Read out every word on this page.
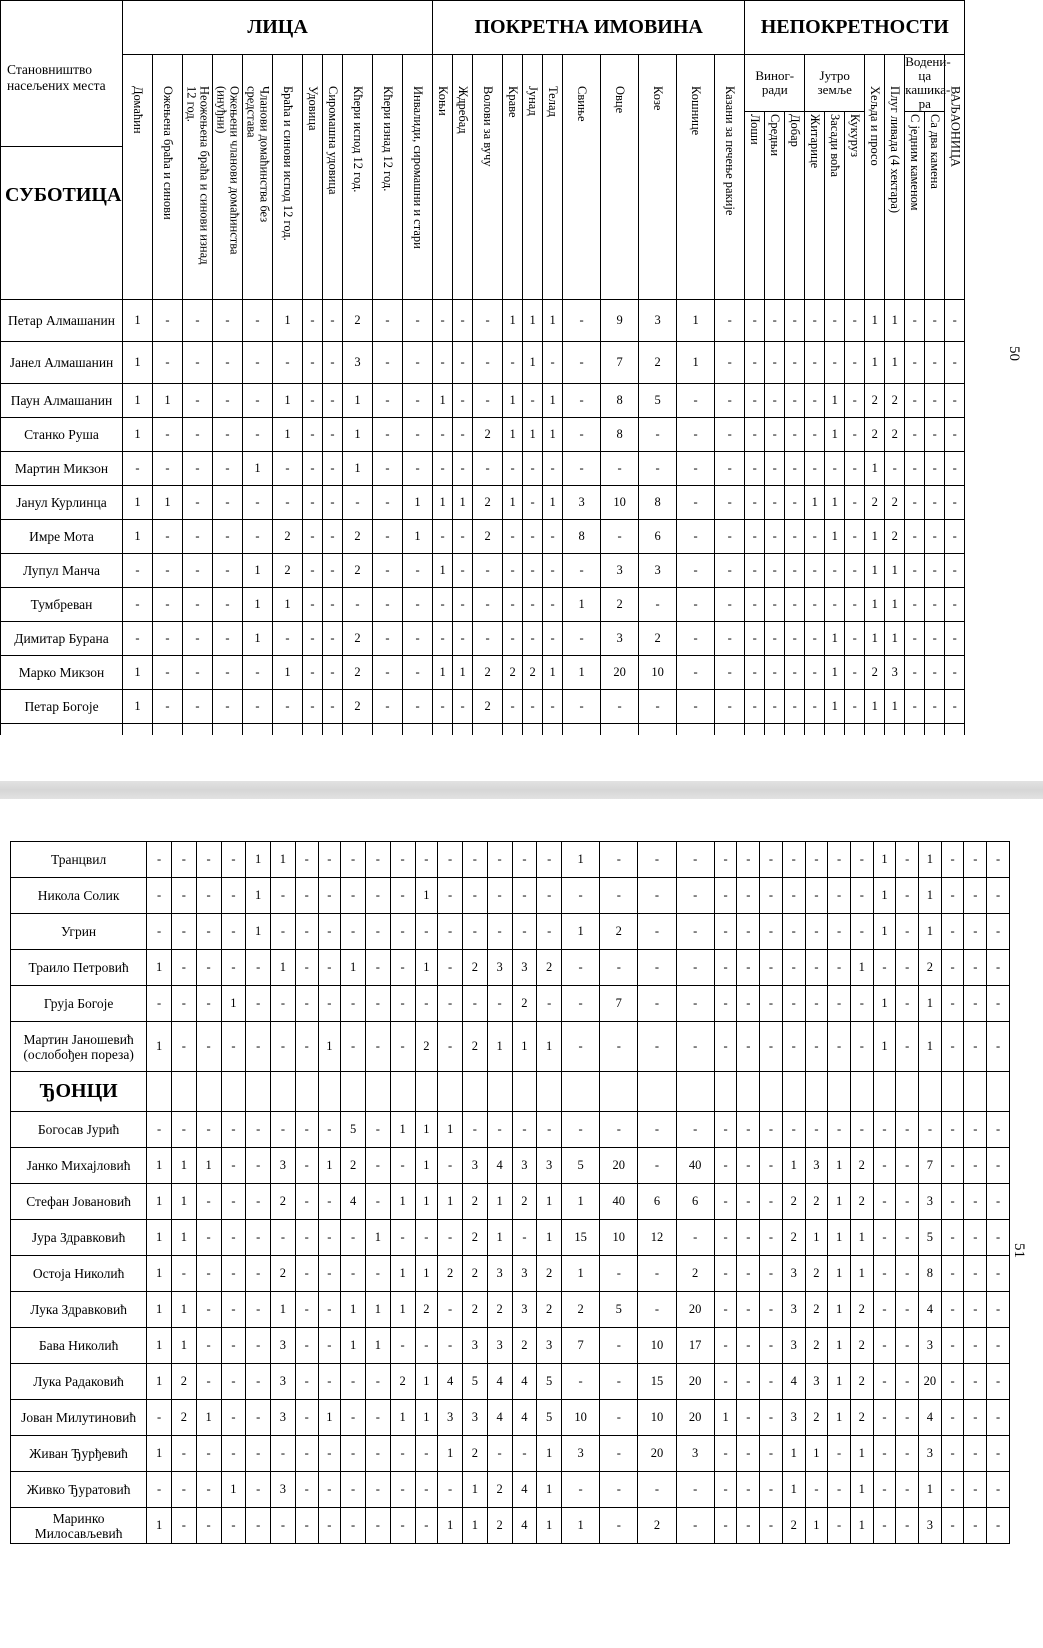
Становништво насељених места
СУБОТИЦА	ЛИЦА											ПОКРЕТНА ИМОВИНА											НЕПОКРЕТНОСТИ										

	Домаћин	Ожењена браћа и синови	Неожењена браћа и синови изнад 12 год.	Ожењени чланови домаћинства (инуђни)	Чланови домаћинства без средстава	Браћа и синови испод 12 год.	Удовица	Сиромашна удовица	Кћери испод 12 год.	Кћери изнад 12 год.	Инвалиди, сиромашни и стари	Коњи	Ждребад	Волови за вучу	Краве	Јунад	Телад	Свиње	Овце	Козе	Кошнице	Казани за печење ракије	Виног-ради			Јутро земље			Хељда и просо	Плуг ливада (4 хектара)	Водени-ца кашика-ра		ВАЉАОНИЦА

																							Лоши	Средњи	Добар	Житарице	Засади воћа	Кукуруз			С једним каменом	Са два камена	

Петар Алмашанин	1	-	-	-	-	1	-	-	2	-	-	-	-	-	1	1	1	-	9	3	1	-	-	-	-	-	-	-	1	1	-	-	-
Јанел Алмашанин	1	-	-	-	-	-	-	-	3	-	-	-	-	-	-	1	-	-	7	2	1	-	-	-	-	-	-	-	1	1	-	-	-
Паун Алмашанин	1	1	-	-	-	1	-	-	1	-	-	1	-	-	1	-	1	-	8	5	-	-	-	-	-	-	1	-	2	2	-	-	-
Станко Руша	1	-	-	-	-	1	-	-	1	-	-	-	-	2	1	1	1	-	8	-	-	-	-	-	-	-	1	-	2	2	-	-	-
Мартин Микзон	-	-	-	-	1	-	-	-	1	-	-	-	-	-	-	-	-	-	-	-	-	-	-	-	-	-	-	-	1	-	-	-	-
Јанул Курлинца	1	1	-	-	-	-	-	-	-	-	1	1	1	2	1	-	1	3	10	8	-	-	-	-	-	1	1	-	2	2	-	-	-
Имре Мота	1	-	-	-	-	2	-	-	2	-	1	-	-	2	-	-	-	8	-	6	-	-	-	-	-	-	1	-	1	2	-	-	-
Лупул Манча	-	-	-	-	1	2	-	-	2	-	-	1	-	-	-	-	-	-	3	3	-	-	-	-	-	-	-	-	1	1	-	-	-
Тумбреван	-	-	-	-	1	1	-	-	-	-	-	-	-	-	-	-	-	1	2	-	-	-	-	-	-	-	-	-	1	1	-	-	-
Димитар Бурана	-	-	-	-	1	-	-	-	2	-	-	-	-	-	-	-	-	-	3	2	-	-	-	-	-	-	1	-	1	1	-	-	-
Марко Микзон	1	-	-	-	-	1	-	-	2	-	-	1	1	2	2	2	1	1	20	10	-	-	-	-	-	-	1	-	2	3	-	-	-
Петар Богоје	1	-	-	-	-	-	-	-	2	-	-	-	-	2	-	-	-	-	-	-	-	-	-	-	-	-	1	-	1	1	-	-	-

50
Транцвил	-	-	-	-	1	1	-	-	-	-	-	-	-	-	-	-	-	1	-	-	-	-	-	-	-	-	-	-	1	-	1	-	-	-
Никола Солик	-	-	-	-	1	-	-	-	-	-	-	1	-	-	-	-	-	-	-	-	-	-	-	-	-	-	-	-	1	-	1	-	-	-
Угрин	-	-	-	-	1	-	-	-	-	-	-	-	-	-	-	-	-	1	2	-	-	-	-	-	-	-	-	-	1	-	1	-	-	-
Траило Петровић	1	-	-	-	-	1	-	-	1	-	-	1	-	2	3	3	2	-	-	-	-	-	-	-	-	-	-	1	-	-	2	-	-	-
Груја Богоје	-	-	-	1	-	-	-	-	-	-	-	-	-	-	-	2	-	-	7	-	-	-	-	-	-	-	-	-	1	-	1	-	-	-
Мартин Јаношевић (ослобођен пореза)	1	-	-	-	-	-	-	1	-	-	-	2	-	2	1	1	1	-	-	-	-	-	-	-	-	-	-	-	1	-	1	-	-	-
ЂОНЦИ																																		
Богосав Јурић	-	-	-	-	-	-	-	-	5	-	1	1	1	-	-	-	-	-	-	-	-	-	-	-	-	-	-	-	-	-	-	-	-	-
Јанко Михајловић	1	1	1	-	-	3	-	1	2	-	-	1	-	3	4	3	3	5	20	-	40	-	-	-	1	3	1	2	-	-	7	-	-	-
Стефан Јовановић	1	1	-	-	-	2	-	-	4	-	1	1	1	2	1	2	1	1	40	6	6	-	-	-	2	2	1	2	-	-	3	-	-	-
Јура Здравковић	1	1	-	-	-	-	-	-	-	1	-	-	-	2	1	-	1	15	10	12	-	-	-	-	2	1	1	1	-	-	5	-	-	-
Остоја Николић	1	-	-	-	-	2	-	-	-	-	1	1	2	2	3	3	2	1	-	-	2	-	-	-	3	2	1	1	-	-	8	-	-	-
Лука Здравковић	1	1	-	-	-	1	-	-	1	1	1	2	-	2	2	3	2	2	5	-	20	-	-	-	3	2	1	2	-	-	4	-	-	-
Бава Николић	1	1	-	-	-	3	-	-	1	1	-	-	-	3	3	2	3	7	-	10	17	-	-	-	3	2	1	2	-	-	3	-	-	-
Лука Радаковић	1	2	-	-	-	3	-	-	-	-	2	1	4	5	4	4	5	-	-	15	20	-	-	-	4	3	1	2	-	-	20	-	-	-
Јован Милутиновић	-	2	1	-	-	3	-	1	-	-	1	1	3	3	4	4	5	10	-	10	20	1	-	-	3	2	1	2	-	-	4	-	-	-
Живан Ђурђевић	1	-	-	-	-	-	-	-	-	-	-	-	1	2	-	-	1	3	-	20	3	-	-	-	1	1	-	1	-	-	3	-	-	-
Живко Ђуратовић	-	-	-	1	-	3	-	-	-	-	-	-	-	1	2	4	1	-	-	-	-	-	-	-	1	-	-	1	-	-	1	-	-	-
Маринко Милосављевић	1	-	-	-	-	-	-	-	-	-	-	-	1	1	2	4	1	1	-	2	-	-	-	-	2	1	-	1	-	-	3	-	-	-
51
